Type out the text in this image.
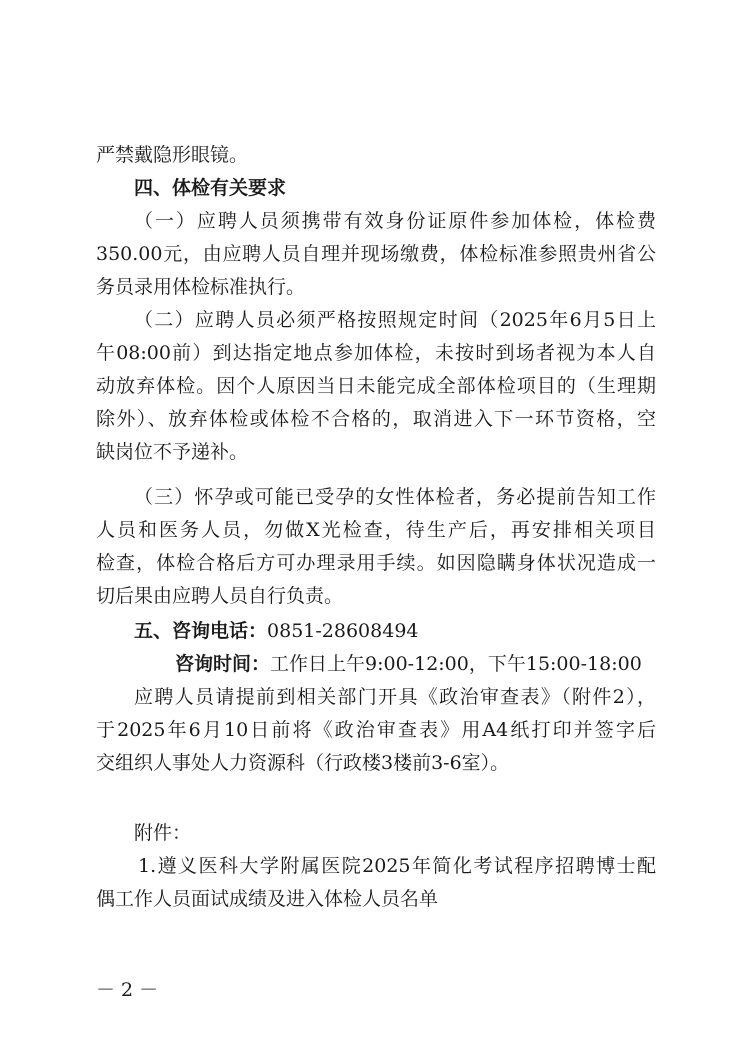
严禁戴隐形眼镜。
四、体检有关要求
（一）应聘人员须携带有效身份证原件参加体检，体检费
350.00元，由应聘人员自理并现场缴费，体检标准参照贵州省公
务员录用体检标准执行。
（二）应聘人员必须严格按照规定时间（2025年6月5日上
午08:00前）到达指定地点参加体检，未按时到场者视为本人自
动放弃体检。因个人原因当日未能完成全部体检项目的（生理期
除外）、放弃体检或体检不合格的，取消进入下一环节资格，空
缺岗位不予递补。
（三）怀孕或可能已受孕的女性体检者，务必提前告知工作
人员和医务人员，勿做X光检查，待生产后，再安排相关项目
检查，体检合格后方可办理录用手续。如因隐瞒身体状况造成一
切后果由应聘人员自行负责。
五、咨询电话：0851-28608494
咨询时间：工作日上午9:00-12:00，下午15:00-18:00
应聘人员请提前到相关部门开具《政治审查表》（附件2），
于2025年6月10日前将《政治审查表》用A4纸打印并签字后
交组织人事处人力资源科（行政楼3楼前3-6室）。
附件：
1.遵义医科大学附属医院2025年简化考试程序招聘博士配
偶工作人员面试成绩及进入体检人员名单
－ 2 －
